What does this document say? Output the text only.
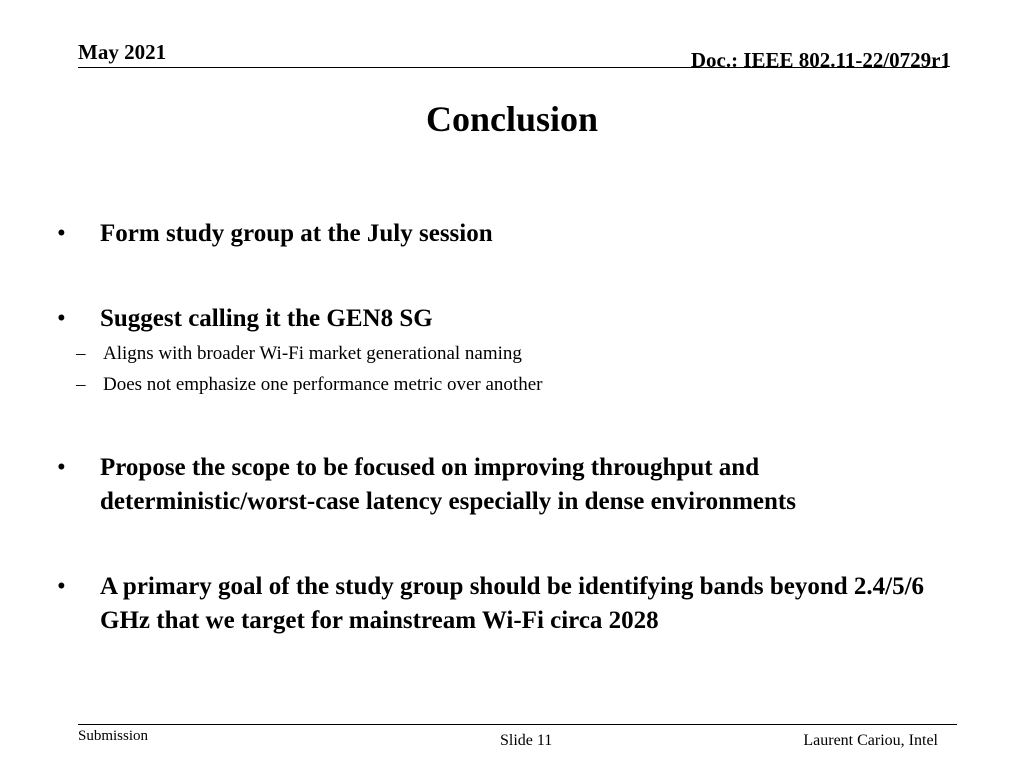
May 2021	Doc.: IEEE 802.11-22/0729r1
Conclusion
• Form study group at the July session
• Suggest calling it the GEN8 SG
– Aligns with broader Wi-Fi market generational naming
– Does not emphasize one performance metric over another
• Propose the scope to be focused on improving throughput and deterministic/worst-case latency especially in dense environments
• A primary goal of the study group should be identifying bands beyond 2.4/5/6 GHz that we target for mainstream Wi-Fi circa 2028
Submission	Slide 11	Laurent Cariou, Intel
